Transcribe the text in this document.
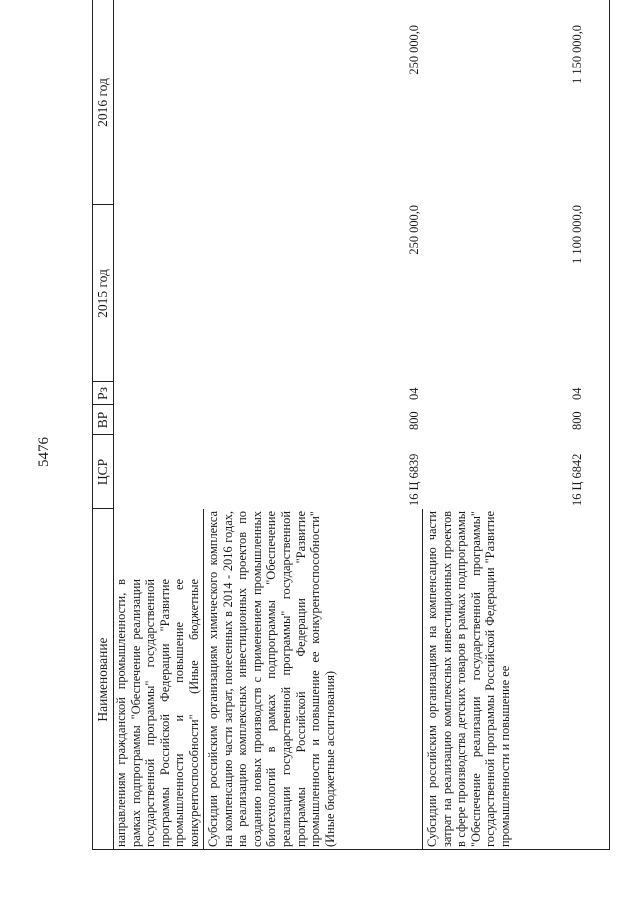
5476
Наименование
ЦСР
ВР
Рз
2015 год
2016 год
направлениям гражданской промышленности, в рамках подпрограммы "Обеспечение реализации государственной программы" государственной программы Российской Федерации "Развитие промышленности и повышение ее конкурентоспособности" (Иные бюджетные Субсидии российским организациям химического комплекса на компенсацию части затрат, понесенных в 2014 - 2016 годах, на реализацию комплексных инвестиционных проектов по созданию новых производств с применением промышленных биотехнологий в рамках подпрограммы "Обеспечение реализации государственной программы" государственной программы Российской Федерации "Развитие промышленности и повышение ее конкурентоспособности" (Иные бюджетные ассигнования)
16 Ц 6839
800
04
250 000,0
250 000,0
Субсидии российским организациям на компенсацию части затрат на реализацию комплексных инвестиционных проектов в сфере производства детских товаров в рамках подпрограммы "Обеспечение реализации государственной программы" государственной программы Российской Федерации "Развитие промышленности и повышение ее
16 Ц 6842
800
04
1 100 000,0
1 150 000,0
